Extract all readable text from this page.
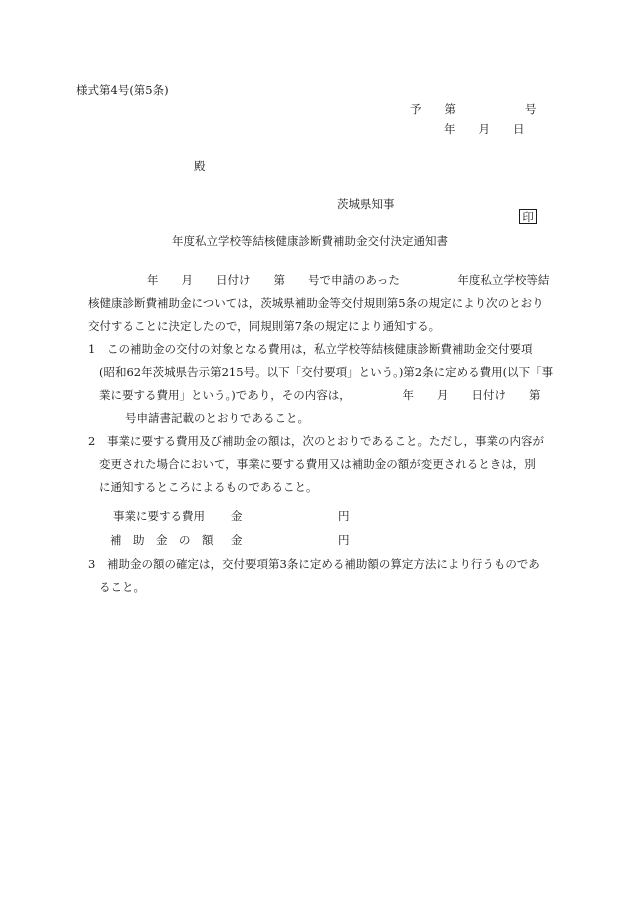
様式第4号(第5条)
予　　第　　　　　　号
年　　月　　日
殿
茨城県知事

印

年度私立学校等結核健康診断費補助金交付決定通知書
年　　月　　日付け　　第　　号で申請のあった　　　　　年度私立学校等結
核健康診断費補助金については，茨城県補助金等交付規則第5条の規定により次のとおり
交付することに決定したので，同規則第7条の規定により通知する。
1 この補助金の交付の対象となる費用は，私立学校等結核健康診断費補助金交付要項
(昭和62年茨城県告示第215号。以下「交付要項」という。)第2条に定める費用(以下「事
業に要する費用」という。)であり，その内容は，　　　　　年　　月　　日付け　　第
号申請書記載のとおりであること。
2 事業に要する費用及び補助金の額は，次のとおりであること。ただし，事業の内容が
変更された場合において，事業に要する費用又は補助金の額が変更されるときは，別
に通知するところによるものであること。
事業に要する費用 金	円
補　助　金　の　額 金	円
3 補助金の額の確定は，交付要項第3条に定める補助額の算定方法により行うものであ
ること。
